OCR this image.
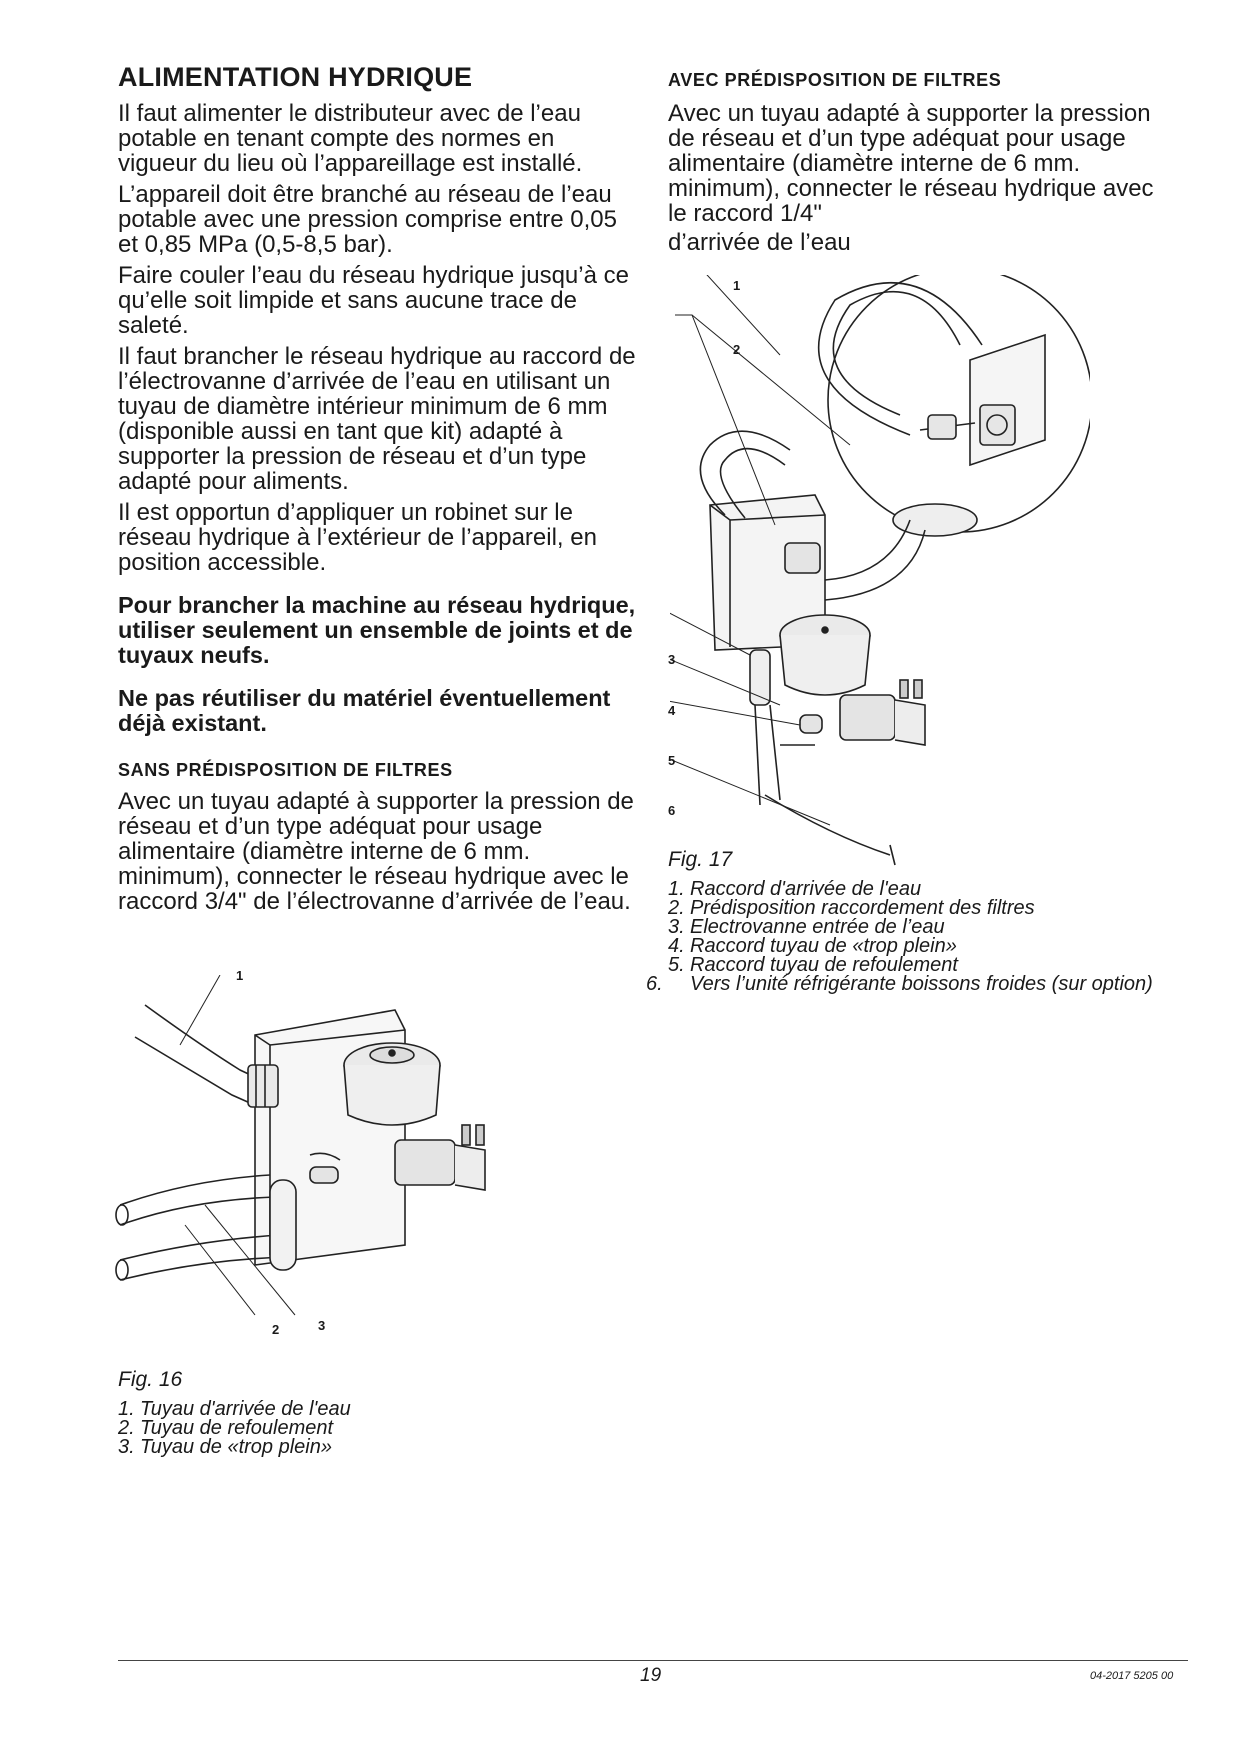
ALIMENTATION HYDRIQUE

Il faut alimenter le distributeur avec de l’eau potable en tenant compte des normes en vigueur du lieu où l’appareillage est installé.

L’appareil doit être branché au réseau de l’eau potable avec une pression comprise entre 0,05 et 0,85 MPa (0,5-8,5 bar).

Faire couler l’eau du réseau hydrique jusqu’à ce qu’elle soit limpide et sans aucune trace de saleté.

Il faut brancher le réseau hydrique au raccord de l’électrovanne d’arrivée de l’eau en utilisant un tuyau de diamètre intérieur minimum de 6 mm (disponible aussi en tant que kit) adapté à supporter la pression de réseau et d’un type adapté pour aliments.

Il est opportun d’appliquer un robinet sur le réseau hydrique à l’extérieur de l’appareil, en position accessible.

Pour brancher la machine au réseau hydrique, utiliser seulement un ensemble de joints et de tuyaux neufs.

Ne pas réutiliser du matériel éventuellement déjà existant.

SANS PRÉDISPOSITION DE FILTRES

Avec un tuyau adapté à supporter la pression de réseau et d’un type adéquat pour usage alimentaire (diamètre interne de 6 mm. minimum), connecter le réseau hydrique avec le raccord 3/4" de l’électrovanne d’arrivée de l’eau.

AVEC PRÉDISPOSITION DE FILTRES

Avec un tuyau adapté à supporter la pression de réseau et d’un type adéquat pour usage alimentaire (diamètre interne de 6 mm. minimum), connecter le réseau hydrique avec le raccord 1/4"

d’arrivée de l’eau

1
2	3
Fig. 16
1. Tuyau d'arrivée de l'eau
2. Tuyau de refoulement
3. Tuyau de «trop plein»
1
2
3
4
5
6
Fig. 17
1. Raccord d'arrivée de l'eau
2. Prédisposition raccordement des filtres
3. Electrovanne entrée de l’eau
4. Raccord tuyau de «trop plein»
5. Raccord tuyau de refoulement
6. Vers l’unité réfrigérante boissons froides (sur option)
19	04-2017 5205 00
